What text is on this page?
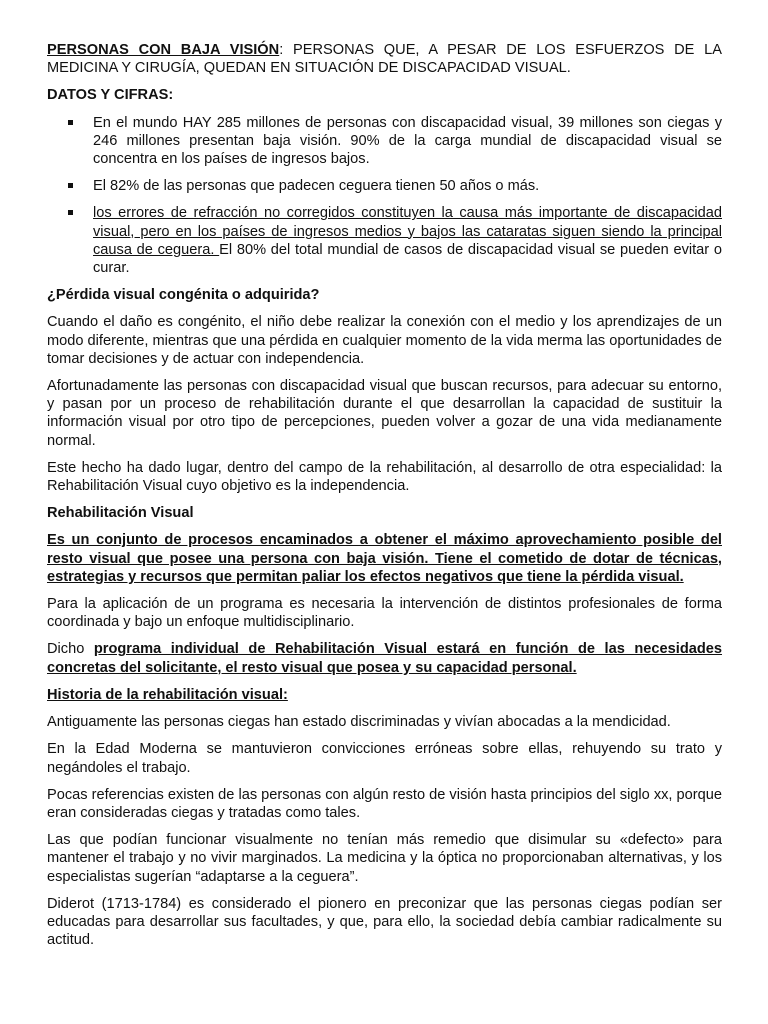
PERSONAS CON BAJA VISIÓN: PERSONAS QUE, A PESAR DE LOS ESFUERZOS DE LA MEDICINA Y CIRUGÍA, QUEDAN EN SITUACIÓN DE DISCAPACIDAD VISUAL.

DATOS Y CIFRAS:

En el mundo HAY 285 millones de personas con discapacidad visual, 39 millones son ciegas y 246 millones presentan baja visión. 90% de la carga mundial de discapacidad visual se concentra en los países de ingresos bajos.
El 82% de las personas que padecen ceguera tienen 50 años o más.
los errores de refracción no corregidos constituyen la causa más importante de discapacidad visual, pero en los países de ingresos medios y bajos las cataratas siguen siendo la principal causa de ceguera. El 80% del total mundial de casos de discapacidad visual se pueden evitar o curar.

¿Pérdida visual congénita o adquirida?

Cuando el daño es congénito, el niño debe realizar la conexión con el medio y los aprendizajes de un modo diferente, mientras que una pérdida en cualquier momento de la vida merma las oportunidades de tomar decisiones y de actuar con independencia.

Afortunadamente las personas con discapacidad visual que buscan recursos, para adecuar su entorno, y pasan por un proceso de rehabilitación durante el que desarrollan la capacidad de sustituir la información visual por otro tipo de percepciones, pueden volver a gozar de una vida medianamente normal.

Este hecho ha dado lugar, dentro del campo de la rehabilitación, al desarrollo de otra especialidad: la Rehabilitación Visual cuyo objetivo es la independencia.

Rehabilitación Visual

Es un conjunto de procesos encaminados a obtener el máximo aprovechamiento posible del resto visual que posee una persona con baja visión. Tiene el cometido de dotar de técnicas, estrategias y recursos que permitan paliar los efectos negativos que tiene la pérdida visual.

Para la aplicación de un programa es necesaria la intervención de distintos profesionales de forma coordinada y bajo un enfoque multidisciplinario.

Dicho programa individual de Rehabilitación Visual estará en función de las necesidades concretas del solicitante, el resto visual que posea y su capacidad personal.

Historia de la rehabilitación visual:

Antiguamente las personas ciegas han estado discriminadas y vivían abocadas a la mendicidad.

En la Edad Moderna se mantuvieron convicciones erróneas sobre ellas, rehuyendo su trato y negándoles el trabajo.

Pocas referencias existen de las personas con algún resto de visión hasta principios del siglo xx, porque eran consideradas ciegas y tratadas como tales.

Las que podían funcionar visualmente no tenían más remedio que disimular su «defecto» para mantener el trabajo y no vivir marginados. La medicina y la óptica no proporcionaban alternativas, y los especialistas sugerían “adaptarse a la ceguera”.

Diderot (1713-1784) es considerado el pionero en preconizar que las personas ciegas podían ser educadas para desarrollar sus facultades, y que, para ello, la sociedad debía cambiar radicalmente su actitud.
